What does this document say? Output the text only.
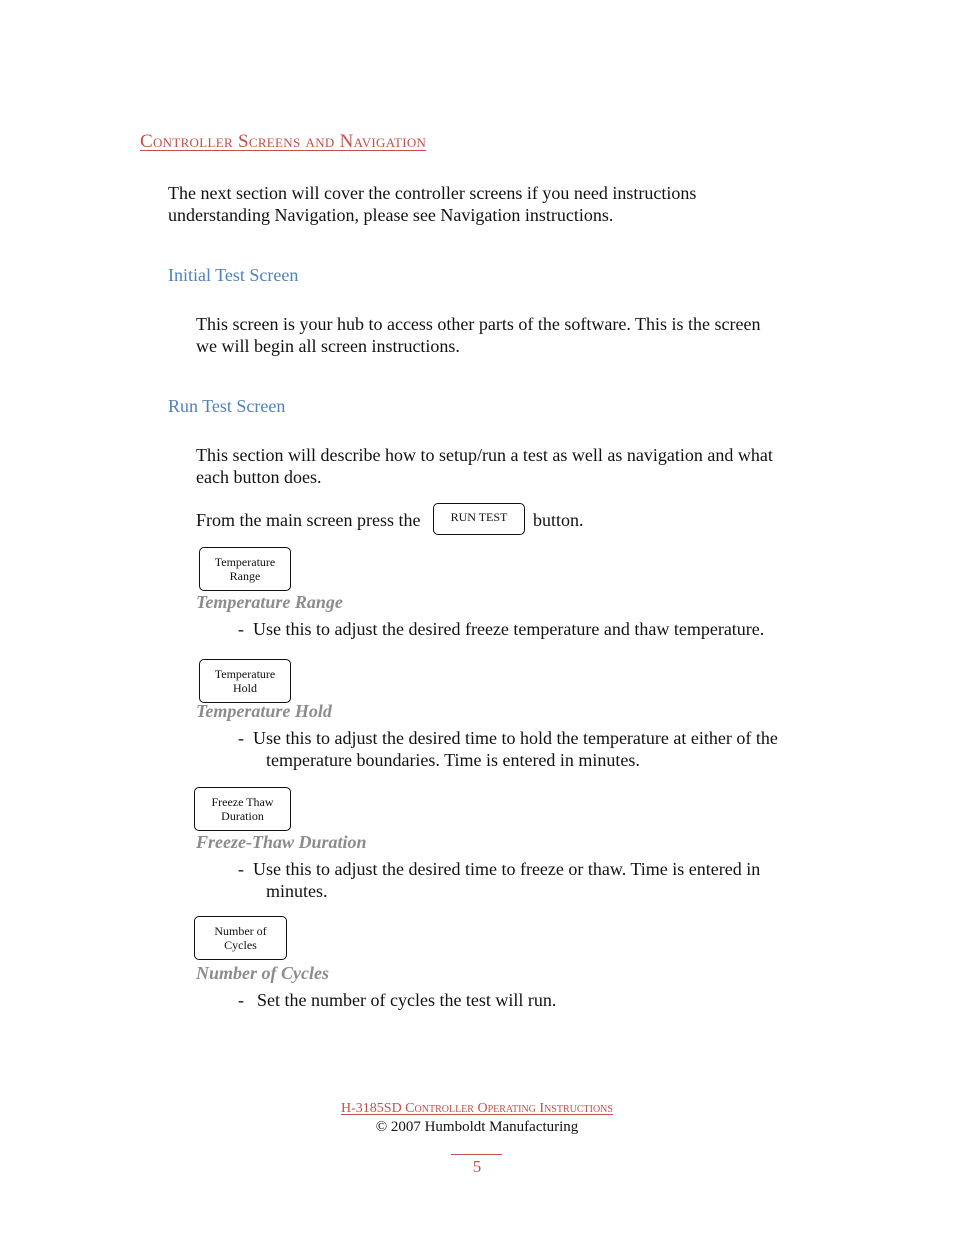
Controller Screens and Navigation
The next section will cover the controller screens if you need instructions
understanding Navigation, please see Navigation instructions.
Initial Test Screen
This screen is your hub to access other parts of the software. This is the screen
we will begin all screen instructions.
Run Test Screen
This section will describe how to setup/run a test as well as navigation and what
each button does.
From the main screen press the	RUN TEST button.
Temperature
Range
Temperature Range
- Use this to adjust the desired freeze temperature and thaw temperature.
Temperature
Hold
Temperature Hold
- Use this to adjust the desired time to hold the temperature at either of the
temperature boundaries. Time is entered in minutes.
Freeze Thaw
Duration
Freeze-Thaw Duration
- Use this to adjust the desired time to freeze or thaw. Time is entered in
minutes.
Number of
Cycles
Number of Cycles
- Set the number of cycles the test will run.
H-3185SD Controller Operating Instructions
© 2007 Humboldt Manufacturing
5
